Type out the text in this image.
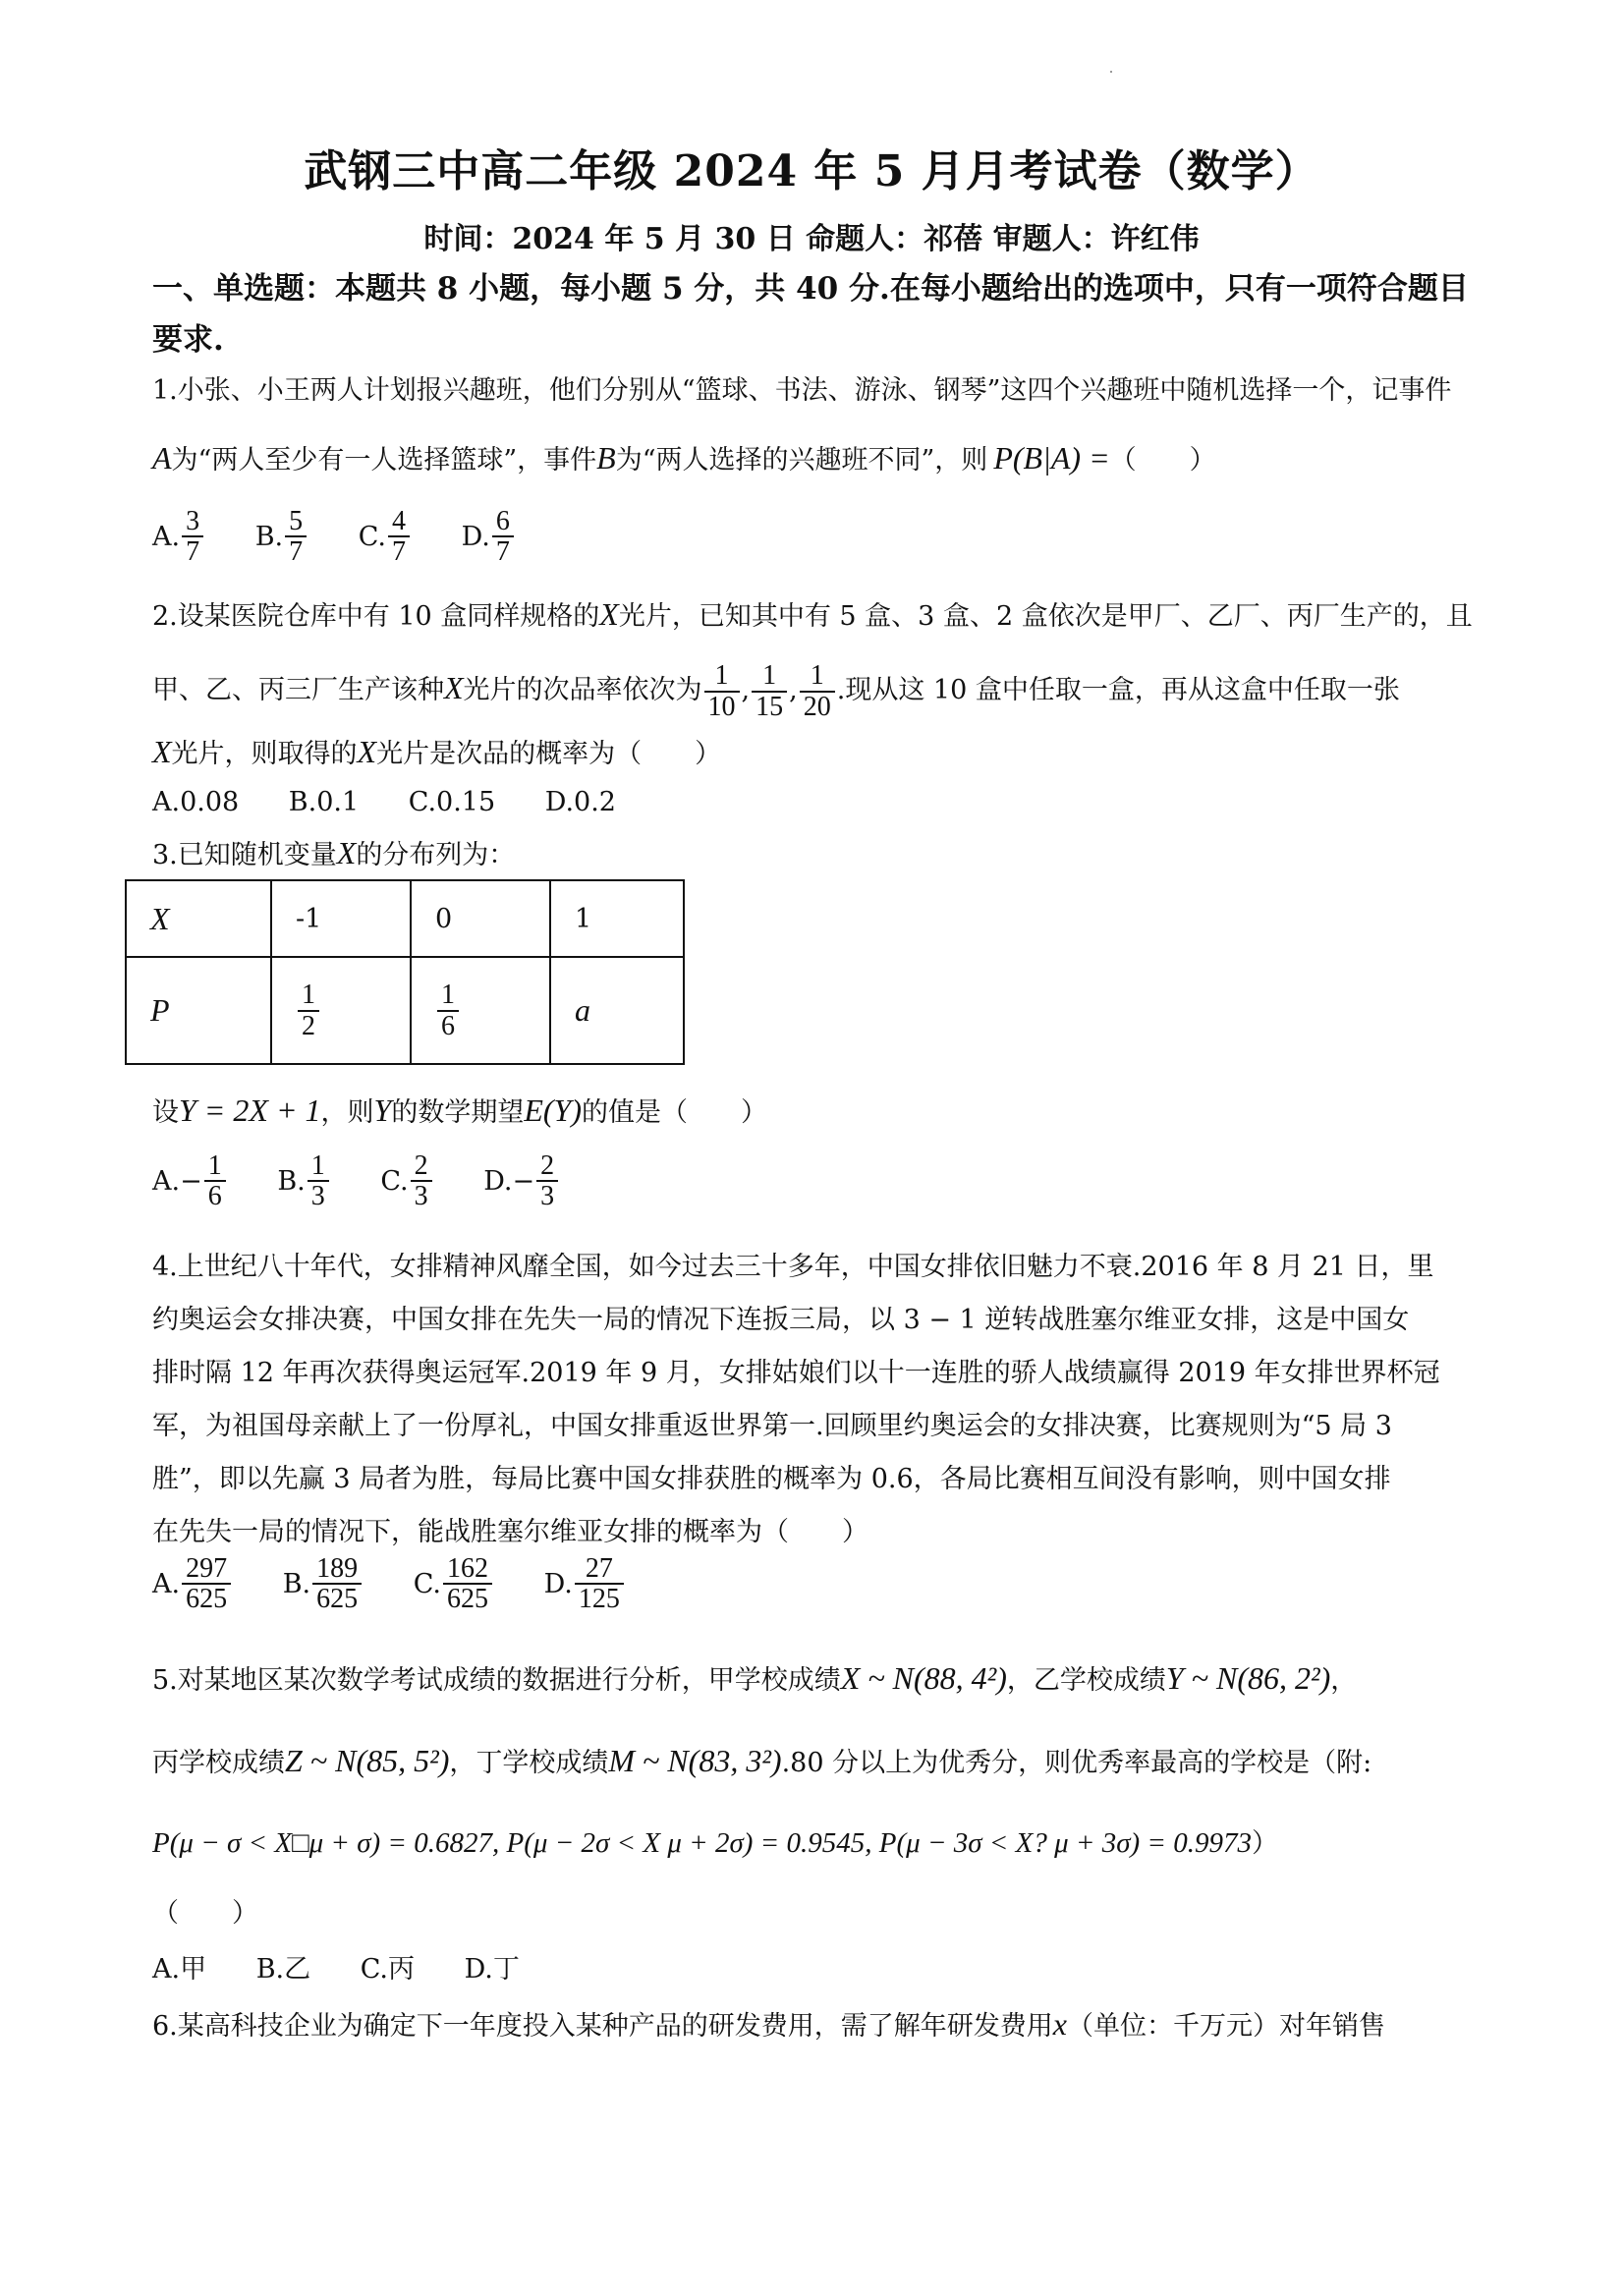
武钢三中高二年级 2024 年 5 月月考试卷（数学）
时间：2024 年 5 月 30 日 命题人：祁蓓 审题人：许红伟
一、单选题：本题共 8 小题，每小题 5 分，共 40 分.在每小题给出的选项中，只有一项符合题目要求.
1.小张、小王两人计划报兴趣班，他们分别从“篮球、书法、游泳、钢琴”这四个兴趣班中随机选择一个，记事件
A为“两人至少有一人选择篮球”，事件B为“两人选择的兴趣班不同”，则 P(B|A) =（　　）
A. $\frac{3}{7} B$. $\frac{5}{7} C$. $\frac{4}{7} D$. $\frac{6}{7}$
2.设某医院仓库中有 10 盒同样规格的X光片，已知其中有 5 盒、3 盒、2 盒依次是甲厂、乙厂、丙厂生产的，且
甲、乙、丙三厂生产该种X光片的次品率依次为 $\frac{1}{10}$ , $\frac{1}{15}$ , $\frac{1}{20}$ .现从这 10 盒中任取一盒，再从这盒中任取一张
X光片，则取得的X光片是次品的概率为（　　）
A.0.08 B.0.1 C.0.15 D.0.2
3.已知随机变量X的分布列为：
X	-1	0	1
P	$\frac{1}{2}$	$\frac{1}{6}$	a
设Y = 2X + 1，则Y的数学期望E(Y)的值是（　　）
$A.- \frac{1}{6} B$. $\frac{1}{3} C$. $\frac{2}{3} D.- \frac{2}{3}$
4.上世纪八十年代，女排精神风靡全国，如今过去三十多年，中国女排依旧魅力不衰.2016 年 8 月 21 日，里
约奥运会女排决赛，中国女排在先失一局的情况下连扳三局，以 3 − 1 逆转战胜塞尔维亚女排，这是中国女
排时隔 12 年再次获得奥运冠军.2019 年 9 月，女排姑娘们以十一连胜的骄人战绩赢得 2019 年女排世界杯冠
军，为祖国母亲献上了一份厚礼，中国女排重返世界第一.回顾里约奥运会的女排决赛，比赛规则为“5 局 3
胜”，即以先赢 3 局者为胜，每局比赛中国女排获胜的概率为 0.6，各局比赛相互间没有影响，则中国女排
在先失一局的情况下，能战胜塞尔维亚女排的概率为（　　）
A. $\frac{297}{625} B$. $\frac{189}{625} C$. $\frac{162}{625} D$. $\frac{27}{125}$
5.对某地区某次数学考试成绩的数据进行分析，甲学校成绩X ~ N(88, 4²)，乙学校成绩Y ~ N(86, 2²)，
丙学校成绩Z ~ N(85, 5²)，丁学校成绩M ~ N(83, 3²).80 分以上为优秀分，则优秀率最高的学校是（附:
P(μ − σ < X□μ + σ) = 0.6827, P(μ − 2σ < X μ + 2σ) = 0.9545, P(μ − 3σ < X? μ + 3σ) = 0.9973）
（　　）
A.甲 B.乙 C.丙 D.丁
6.某高科技企业为确定下一年度投入某种产品的研发费用，需了解年研发费用x（单位：千万元）对年销售
